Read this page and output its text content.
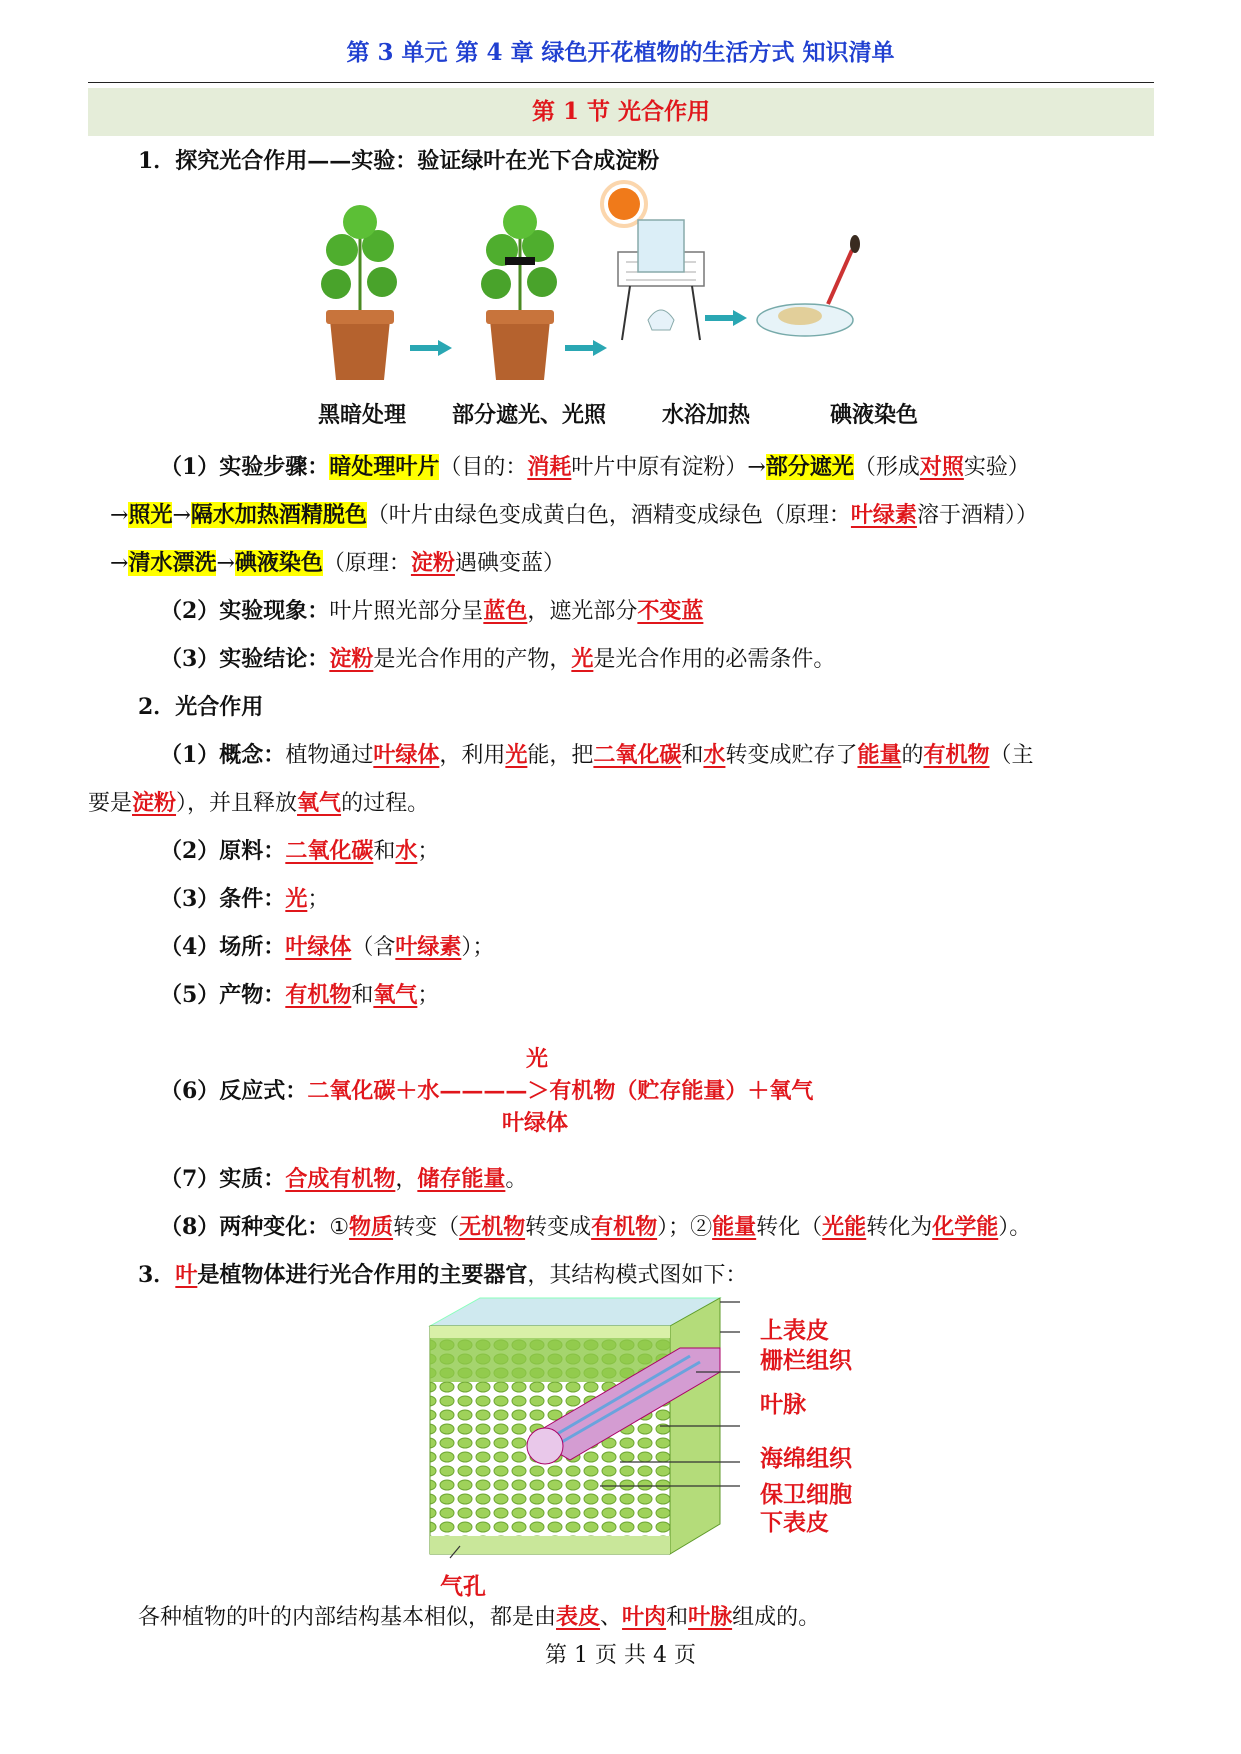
第 3 单元 第 4 章 绿色开花植物的生活方式 知识清单
第 1 节 光合作用
1．探究光合作用——实验：验证绿叶在光下合成淀粉
黑暗处理 部分遮光、光照	水浴加热	碘液染色
（1）实验步骤：暗处理叶片（目的：消耗叶片中原有淀粉）→部分遮光（形成对照实验）
→照光→隔水加热酒精脱色（叶片由绿色变成黄白色，酒精变成绿色（原理：叶绿素溶于酒精））
→清水漂洗→碘液染色（原理：淀粉遇碘变蓝）
（2）实验现象：叶片照光部分呈蓝色，遮光部分不变蓝
（3）实验结论：淀粉是光合作用的产物，光是光合作用的必需条件。
2．光合作用
（1）概念：植物通过叶绿体，利用光能，把二氧化碳和水转变成贮存了能量的有机物（主
要是淀粉），并且释放氧气的过程。
（2）原料：二氧化碳和水；
（3）条件：光；
（4）场所：叶绿体（含叶绿素）；
（5）产物：有机物和氧气；
光
（6）反应式：二氧化碳＋水————＞有机物（贮存能量）＋氧气
叶绿体
（7）实质：合成有机物，储存能量。
（8）两种变化：①物质转变（无机物转变成有机物）；②能量转化（光能转化为化学能）。
3．叶是植物体进行光合作用的主要器官，其结构模式图如下：
上表皮
栅栏组织
叶脉
海绵组织
保卫细胞
下表皮
气孔
各种植物的叶的内部结构基本相似，都是由表皮、叶肉和叶脉组成的。
第 1 页 共 4 页
